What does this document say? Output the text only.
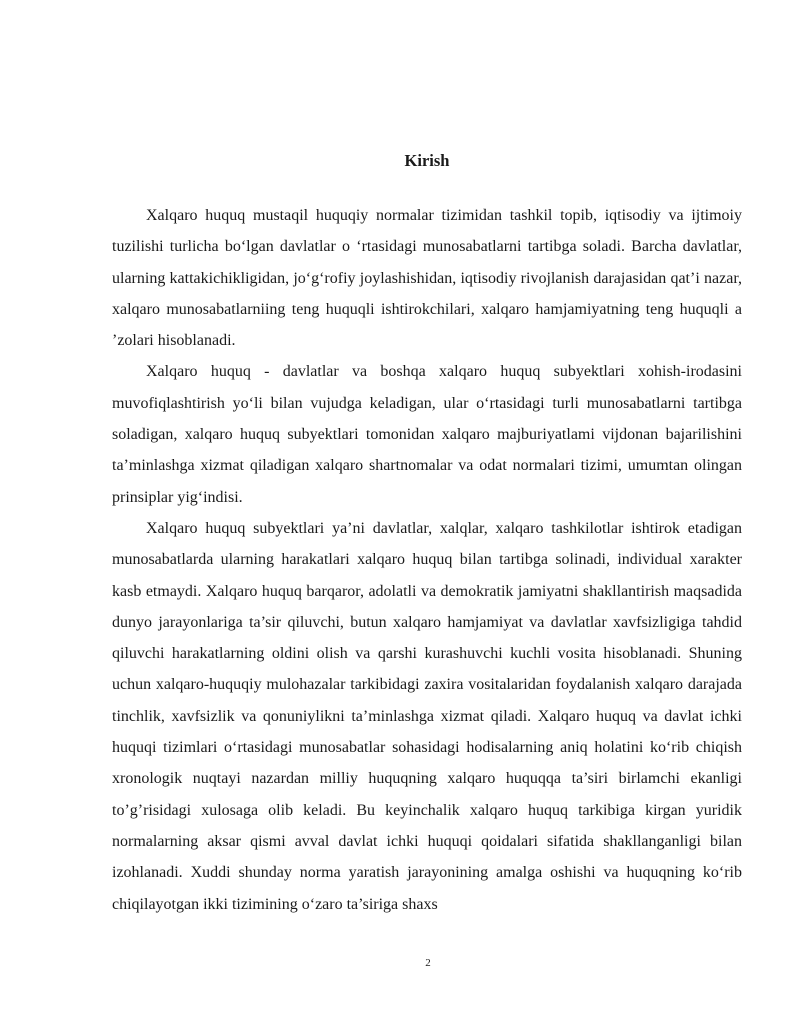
Kirish

Xalqaro huquq mustaqil huquqiy normalar tizimidan tashkil topib, iqtisodiy va ijtimoiy tuzilishi turlicha bo‘lgan davlatlar o ‘rtasidagi munosabatlarni tartibga soladi. Barcha davlatlar, ularning kattakichikligidan, jo‘g‘rofiy joylashishidan, iqtisodiy rivojlanish darajasidan qat’i nazar, xalqaro munosabatlarniing teng huquqli ishtirokchilari, xalqaro hamjamiyatning teng huquqli a ’zolari hisoblanadi.

Xalqaro huquq - davlatlar va boshqa xalqaro huquq subyektlari xohish-irodasini muvofiqlashtirish yo‘li bilan vujudga keladigan, ular o‘rtasidagi turli munosabatlarni tartibga soladigan, xalqaro huquq subyektlari tomonidan xalqaro majburiyatlami vijdonan bajarilishini ta’minlashga xizmat qiladigan xalqaro shartnomalar va odat normalari tizimi, umumtan olingan prinsiplar yig‘indisi.

Xalqaro huquq subyektlari ya’ni davlatlar, xalqlar, xalqaro tashkilotlar ishtirok etadigan munosabatlarda ularning harakatlari xalqaro huquq bilan tartibga solinadi, individual xarakter kasb etmaydi. Xalqaro huquq barqaror, adolatli va demokratik jamiyatni shakllantirish maqsadida dunyo jarayonlariga ta’sir qiluvchi, butun xalqaro hamjamiyat va davlatlar xavfsizligiga tahdid qiluvchi harakatlarning oldini olish va qarshi kurashuvchi kuchli vosita hisoblanadi. Shuning uchun xalqaro-huquqiy mulohazalar tarkibidagi zaxira vositalaridan foydalanish xalqaro darajada tinchlik, xavfsizlik va qonuniylikni ta’minlashga xizmat qiladi. Xalqaro huquq va davlat ichki huquqi tizimlari o‘rtasidagi munosabatlar sohasidagi hodisalarning aniq holatini ko‘rib chiqish xronologik nuqtayi nazardan milliy huquqning xalqaro huquqqa ta’siri birlamchi ekanligi to’g’risidagi xulosaga olib keladi. Bu keyinchalik xalqaro huquq tarkibiga kirgan yuridik normalarning aksar qismi avval davlat ichki huquqi qoidalari sifatida shakllanganligi bilan izohlanadi. Xuddi shunday norma yaratish jarayonining amalga oshishi va huquqning ko‘rib chiqilayotgan ikki tizimining o‘zaro ta’siriga shaxs

2
